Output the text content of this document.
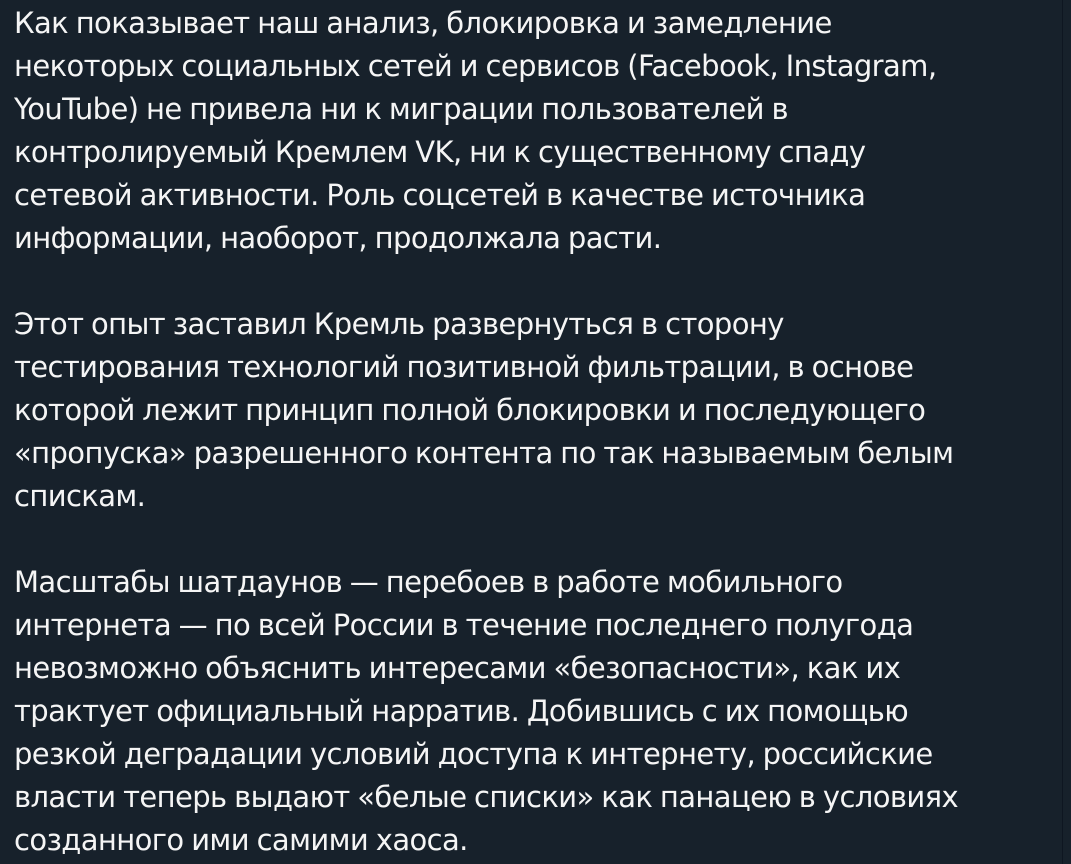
Как показывает наш анализ, блокировка и замедление
некоторых социальных сетей и сервисов (Facebook, Instagram,
YouTube) не привела ни к миграции пользователей в
контролируемый Кремлем VK, ни к существенному спаду
сетевой активности. Роль соцсетей в качестве источника
информации, наоборот, продолжала расти.

Этот опыт заставил Кремль развернуться в сторону
тестирования технологий позитивной фильтрации, в основе
которой лежит принцип полной блокировки и последующего
«пропуска» разрешенного контента по так называемым белым
спискам.

Масштабы шатдаунов — перебоев в работе мобильного
интернета — по всей России в течение последнего полугода
невозможно объяснить интересами «безопасности», как их
трактует официальный нарратив. Добившись с их помощью
резкой деградации условий доступа к интернету, российские
власти теперь выдают «белые списки» как панацею в условиях
созданного ими самими хаоса.
